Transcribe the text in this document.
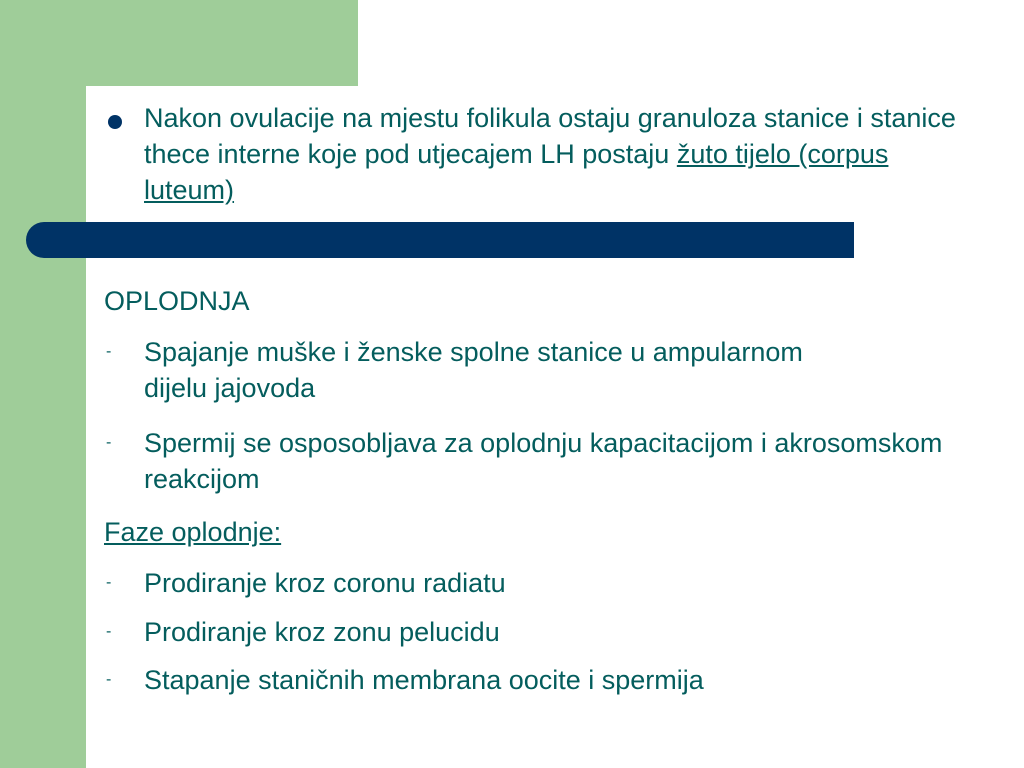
Nakon ovulacije na mjestu folikula ostaju granuloza stanice i stanice thece interne koje pod utjecajem LH postaju žuto tijelo (corpus luteum)
OPLODNJA
- Spajanje muške i ženske spolne stanice u ampularnom dijelu jajovoda
- Spermij se osposobljava za oplodnju kapacitacijom i akrosomskom reakcijom
Faze oplodnje:
- Prodiranje kroz coronu radiatu
- Prodiranje kroz zonu pelucidu
- Stapanje staničnih membrana oocite i spermija
